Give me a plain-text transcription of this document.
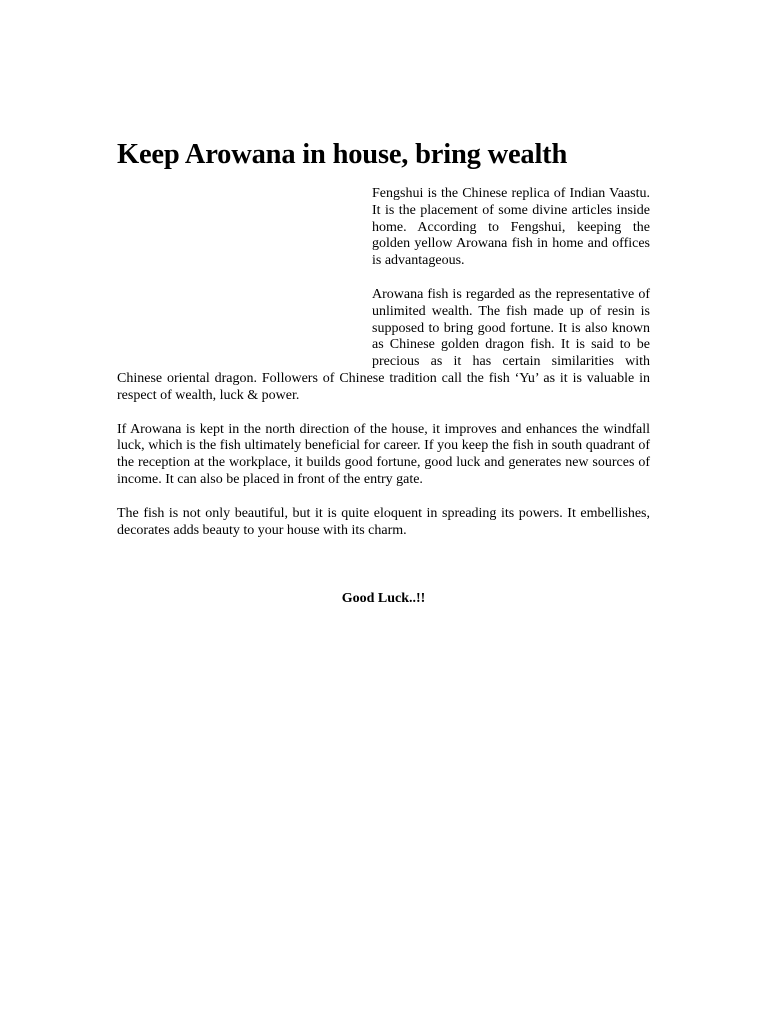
Keep Arowana in house, bring wealth

Fengshui is the Chinese replica of Indian Vaastu. It is the placement of some divine articles inside home. According to Fengshui, keeping the golden yellow Arowana fish in home and offices is advantageous.

Arowana fish is regarded as the representative of unlimited wealth. The fish made up of resin is supposed to bring good fortune. It is also known as Chinese golden dragon fish. It is said to be precious as it has certain similarities with Chinese oriental dragon. Followers of Chinese tradition call the fish ‘Yu’ as it is valuable in respect of wealth, luck & power.

If Arowana is kept in the north direction of the house, it improves and enhances the windfall luck, which is the fish ultimately beneficial for career. If you keep the fish in south quadrant of the reception at the workplace, it builds good fortune, good luck and generates new sources of income. It can also be placed in front of the entry gate.

The fish is not only beautiful, but it is quite eloquent in spreading its powers. It embellishes, decorates adds beauty to your house with its charm.

Good Luck..!!
